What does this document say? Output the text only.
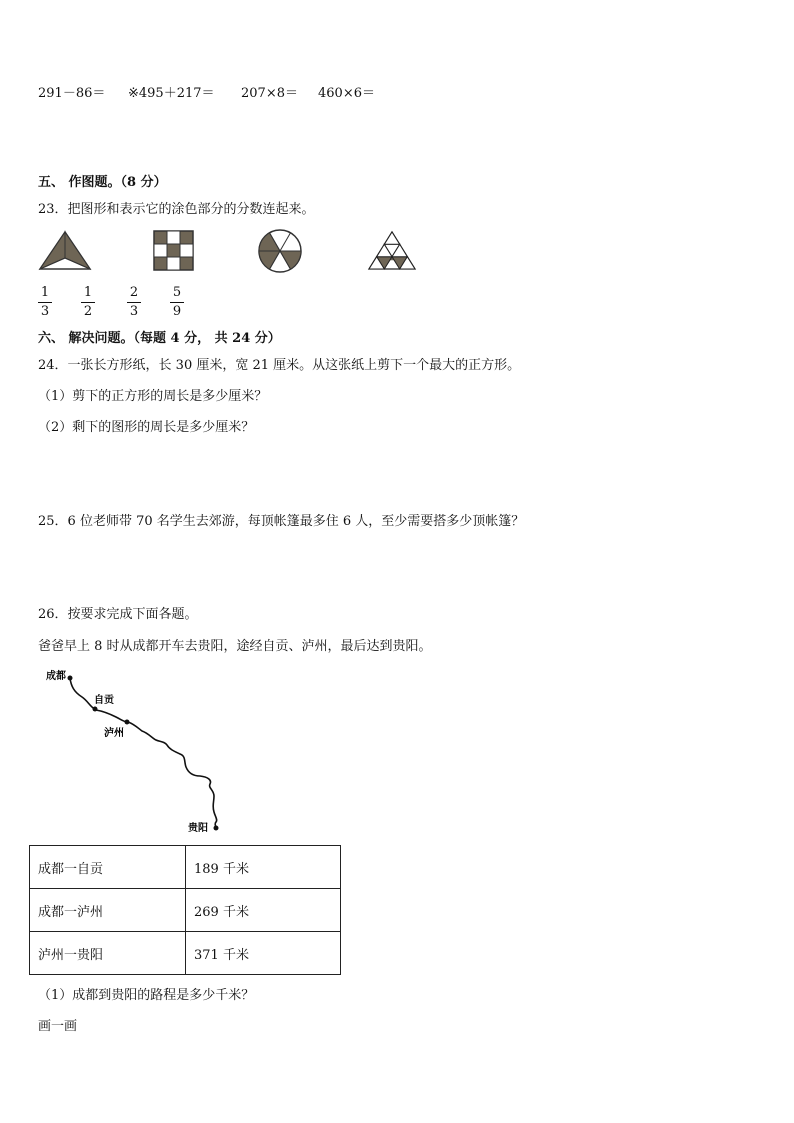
291－86＝ ※495＋217＝ 207×8＝ 460×6＝
五、 作图题。（8 分）
23．把图形和表示它的涂色部分的分数连起来。
1
3
1
2
2
3
5
9
六、 解决问题。（每题 4 分， 共 24 分）
24．一张长方形纸，长 30 厘米，宽 21 厘米。从这张纸上剪下一个最大的正方形。
（1）剪下的正方形的周长是多少厘米？
（2）剩下的图形的周长是多少厘米？
25．6 位老师带 70 名学生去郊游，每顶帐篷最多住 6 人，至少需要搭多少顶帐篷？
26．按要求完成下面各题。
爸爸早上 8 时从成都开车去贵阳，途经自贡、泸州，最后达到贵阳。
成都
自贡
泸州
贵阳
成都一自贡	189 千米
成都一泸州	269 千米
泸州一贵阳	371 千米
（1）成都到贵阳的路程是多少千米？
画一画
